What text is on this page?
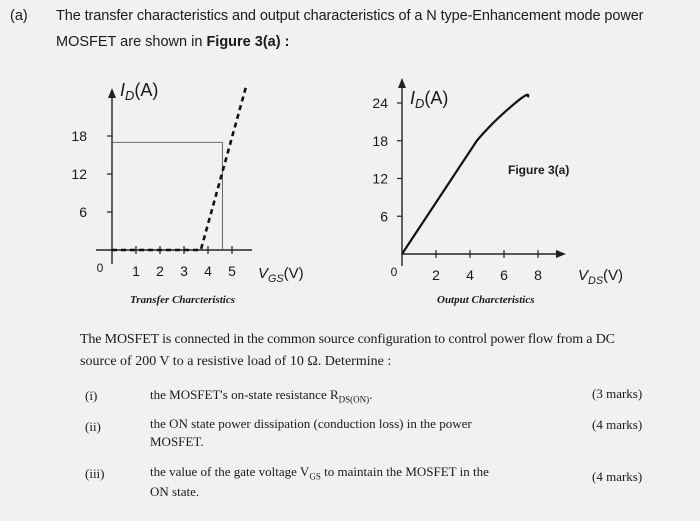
(a) The transfer characteristics and output characteristics of a N type-Enhancement mode power
MOSFET are shown in Figure 3(a) :
6
12
18
1 2 3 4 5
0
$I_D(A)$
$V_{GS}(V)$
6
12
18
24
2 4 6 8
0
$I_D(A)$
$V_{DS}(V)$
Figure 3(a)
Transfer Charcteristics	Output Charcteristics
The MOSFET is connected in the common source configuration to control power flow from a DC
source of 200 V to a resistive load of 10 Ω. Determine :
(i)	the MOSFET's on-state resistance $R_{DS(ON)}$.	(3 marks)
(ii)	the ON state power dissipation (conduction loss) in the power
MOSFET.
(4 marks)
(iii)	the value of the gate voltage $V_{GS}$ to maintain the MOSFET in the
ON state.
(4 marks)
